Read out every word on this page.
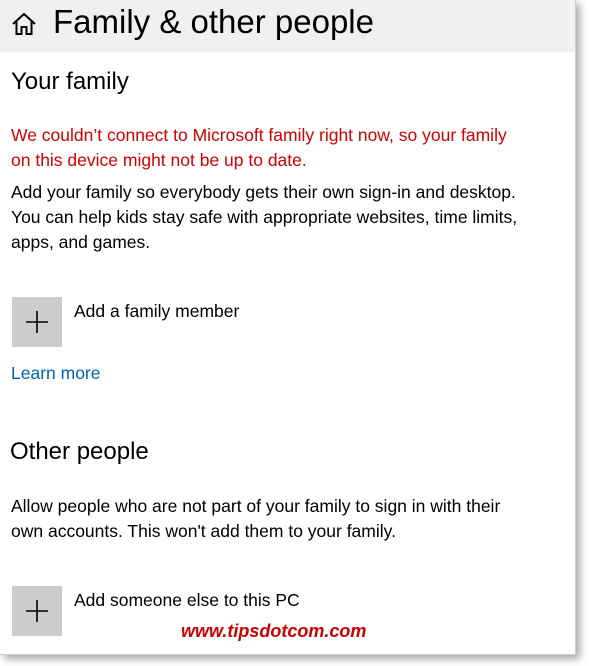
Family & other people
Your family
We couldn’t connect to Microsoft family right now, so your family
on this device might not be up to date.
Add your family so everybody gets their own sign-in and desktop.
You can help kids stay safe with appropriate websites, time limits,
apps, and games.
Add a family member
Learn more
Other people
Allow people who are not part of your family to sign in with their
own accounts. This won't add them to your family.
Add someone else to this PC
www.tipsdotcom.com
